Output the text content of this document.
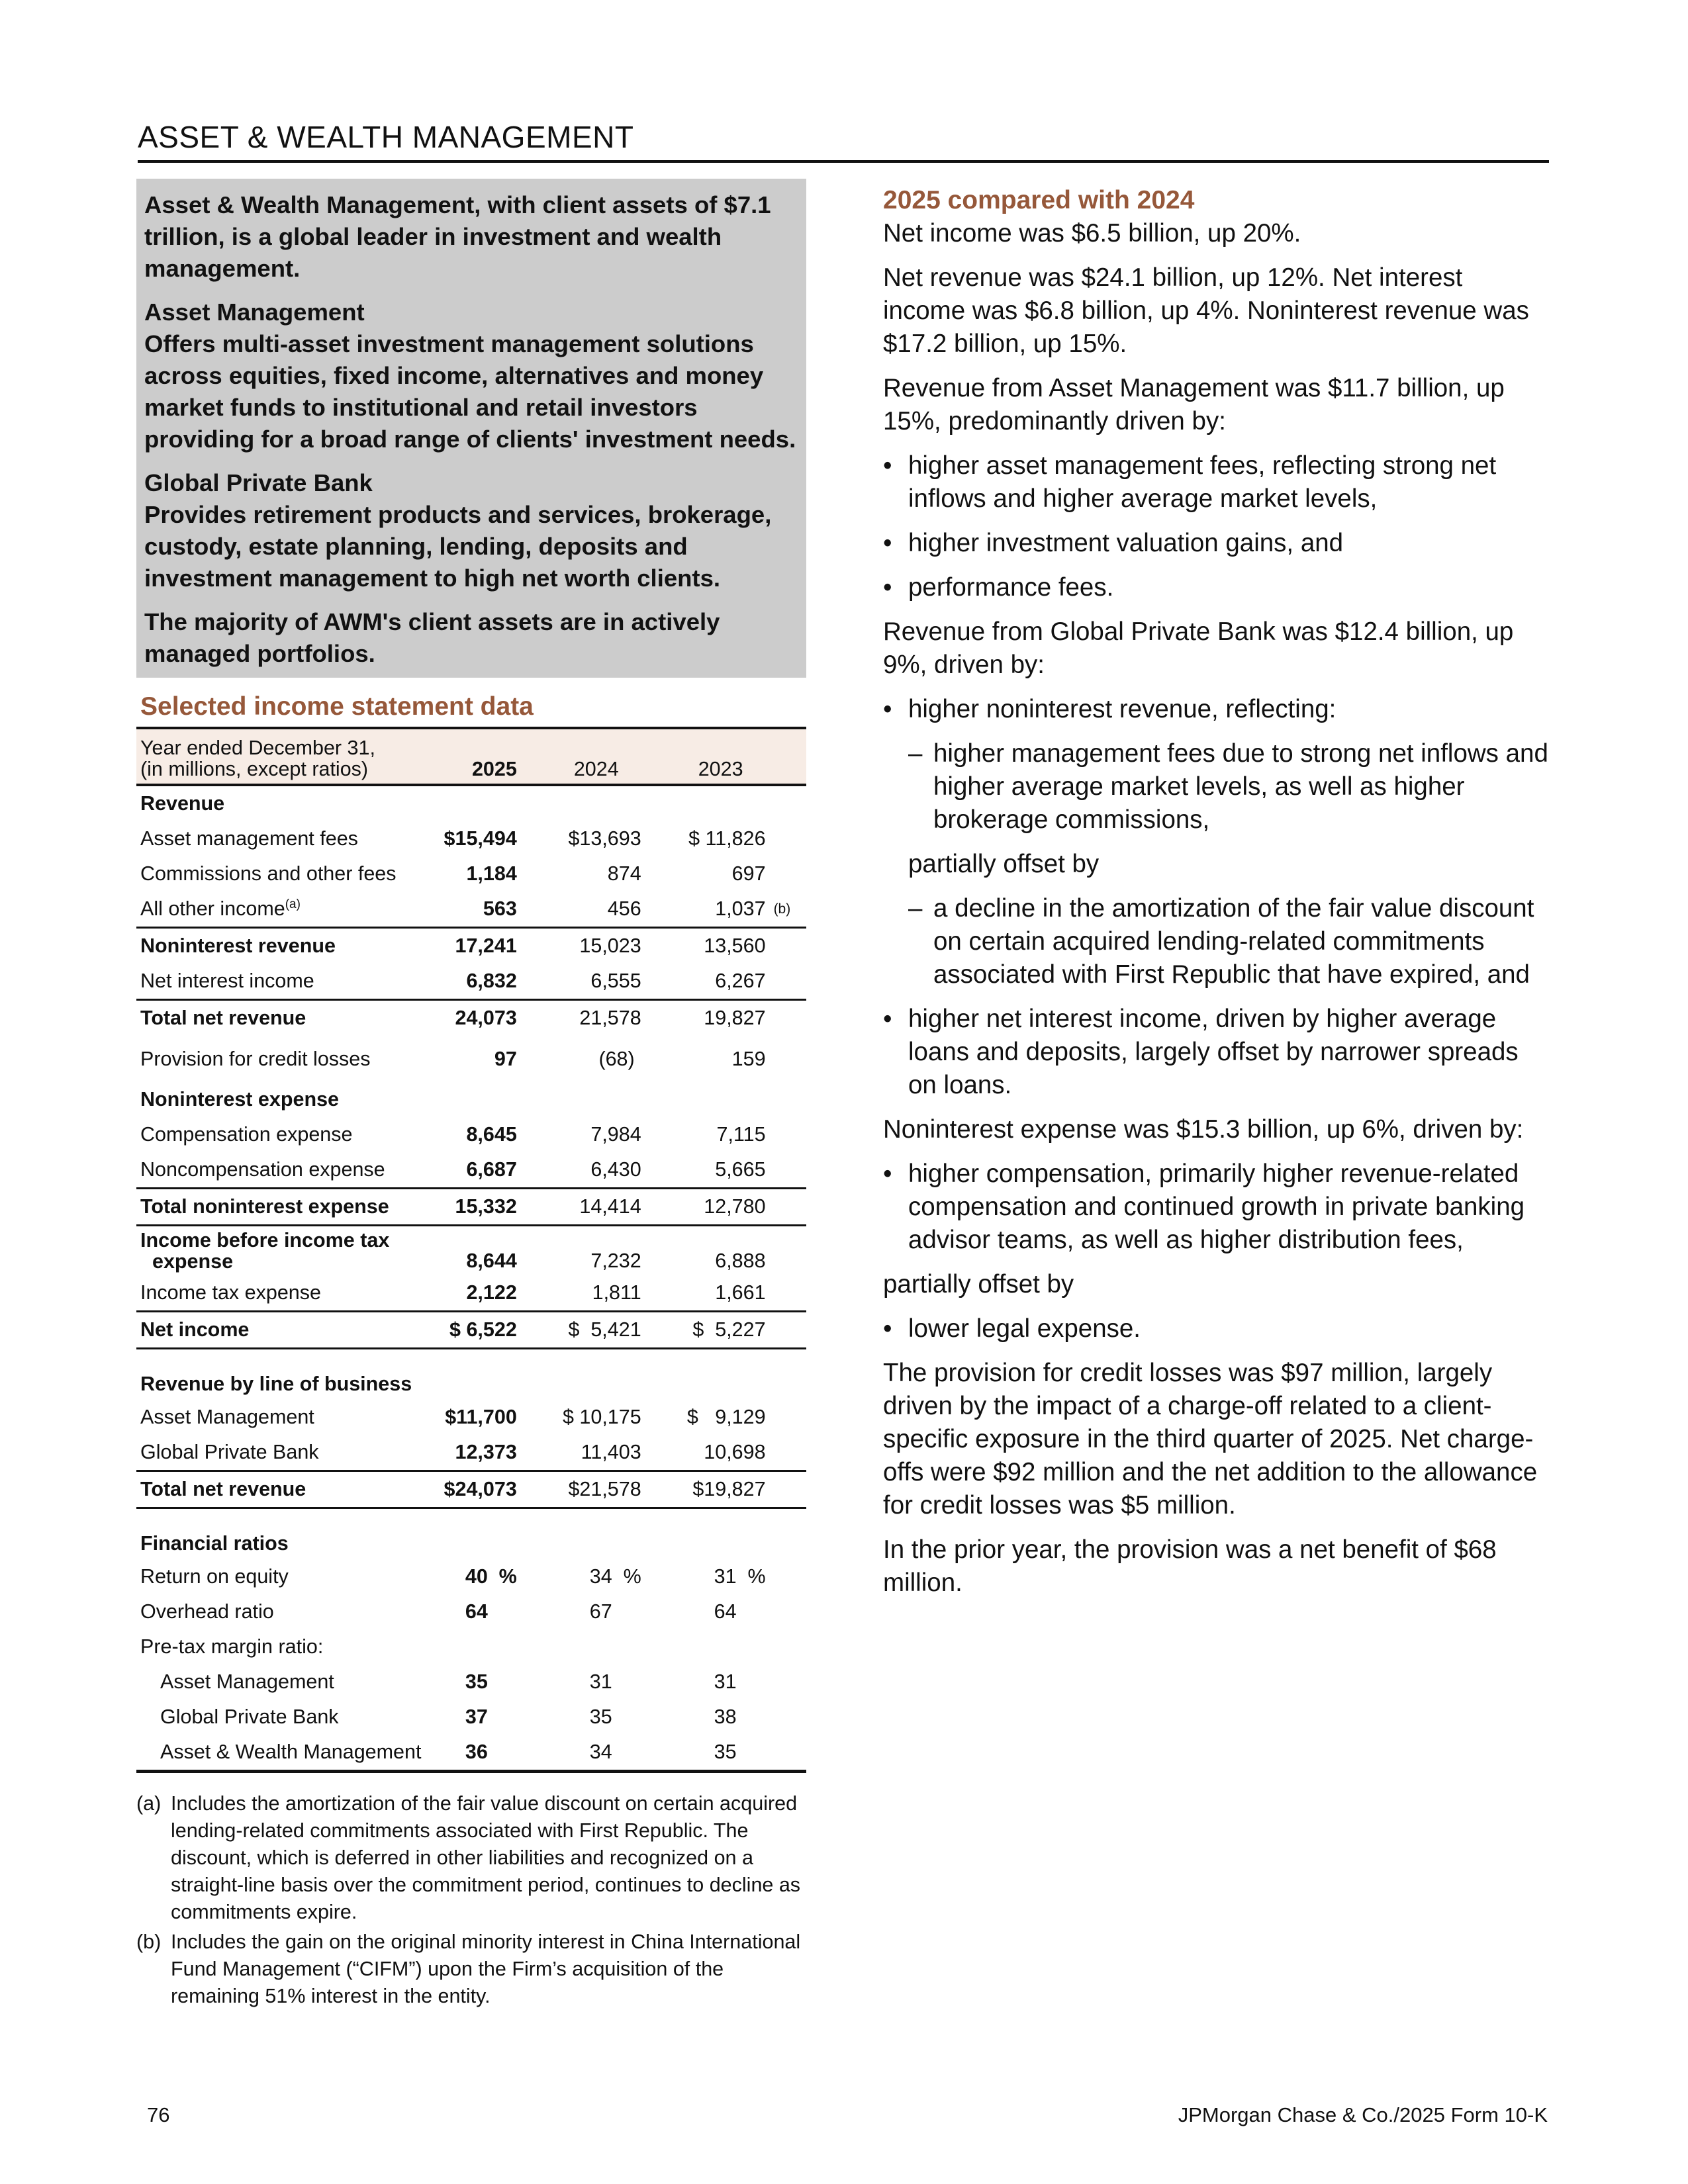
ASSET & WEALTH MANAGEMENT

Asset & Wealth Management, with client assets of $7.1 trillion, is a global leader in investment and wealth management.

Asset Management
Offers multi-asset investment management solutions across equities, fixed income, alternatives and money market funds to institutional and retail investors providing for a broad range of clients' investment needs.

Global Private Bank
Provides retirement products and services, brokerage, custody, estate planning, lending, deposits and investment management to high net worth clients.

The majority of AWM's client assets are in actively managed portfolios.

Selected income statement data
Year ended December 31,
(in millions, except ratios)	2025	2024	2023	
Revenue				
Asset management fees	$15,494	$13,693	$ 11,826	
Commissions and other fees	1,184	874	697	
All other income$^{(a)}$	563	456	1,037	(b)
Noninterest revenue	17,241	15,023	13,560	
Net interest income	6,832	6,555	6,267	
Total net revenue	24,073	21,578	19,827	
Provision for credit losses	97	(68)	159	
Noninterest expense				
Compensation expense	8,645	7,984	7,115	
Noncompensation expense	6,687	6,430	5,665	
Total noninterest expense	15,332	14,414	12,780	
Income before income tax
expense	8,644	7,232	6,888	
Income tax expense	2,122	1,811	1,661	
Net income	$ 6,522	$  5,421	$  5,227	
Revenue by line of business				
Asset Management	$11,700	$ 10,175	$   9,129	
Global Private Bank	12,373	11,403	10,698	
Total net revenue	$24,073	$21,578	$19,827	
Financial ratios				
Return on equity	40 %	34 %	31 %	
Overhead ratio	64	67	64	
Pre-tax margin ratio:				
Asset Management	35	31	31	
Global Private Bank	37	35	38	
Asset & Wealth Management	36	34	35	
(a) Includes the amortization of the fair value discount on certain acquired lending-related commitments associated with First Republic. The discount, which is deferred in other liabilities and recognized on a straight-line basis over the commitment period, continues to decline as commitments expire.
(b) Includes the gain on the original minority interest in China International Fund Management (“CIFM”) upon the Firm’s acquisition of the remaining 51% interest in the entity.

2025 compared with 2024

Net income was $6.5 billion, up 20%.

Net revenue was $24.1 billion, up 12%. Net interest income was $6.8 billion, up 4%. Noninterest revenue was $17.2 billion, up 15%.

Revenue from Asset Management was $11.7 billion, up 15%, predominantly driven by:

• higher asset management fees, reflecting strong net inflows and higher average market levels,
• higher investment valuation gains, and
• performance fees.

Revenue from Global Private Bank was $12.4 billion, up 9%, driven by:

• higher noninterest revenue, reflecting:
– higher management fees due to strong net inflows and higher average market levels, as well as higher brokerage commissions,

partially offset by

– a decline in the amortization of the fair value discount on certain acquired lending-related commitments associated with First Republic that have expired, and
• higher net interest income, driven by higher average loans and deposits, largely offset by narrower spreads on loans.

Noninterest expense was $15.3 billion, up 6%, driven by:

• higher compensation, primarily higher revenue-related compensation and continued growth in private banking advisor teams, as well as higher distribution fees,

partially offset by

• lower legal expense.

The provision for credit losses was $97 million, largely driven by the impact of a charge-off related to a client-specific exposure in the third quarter of 2025. Net charge-offs were $92 million and the net addition to the allowance for credit losses was $5 million.

In the prior year, the provision was a net benefit of $68 million.

76	JPMorgan Chase & Co./2025 Form 10-K
